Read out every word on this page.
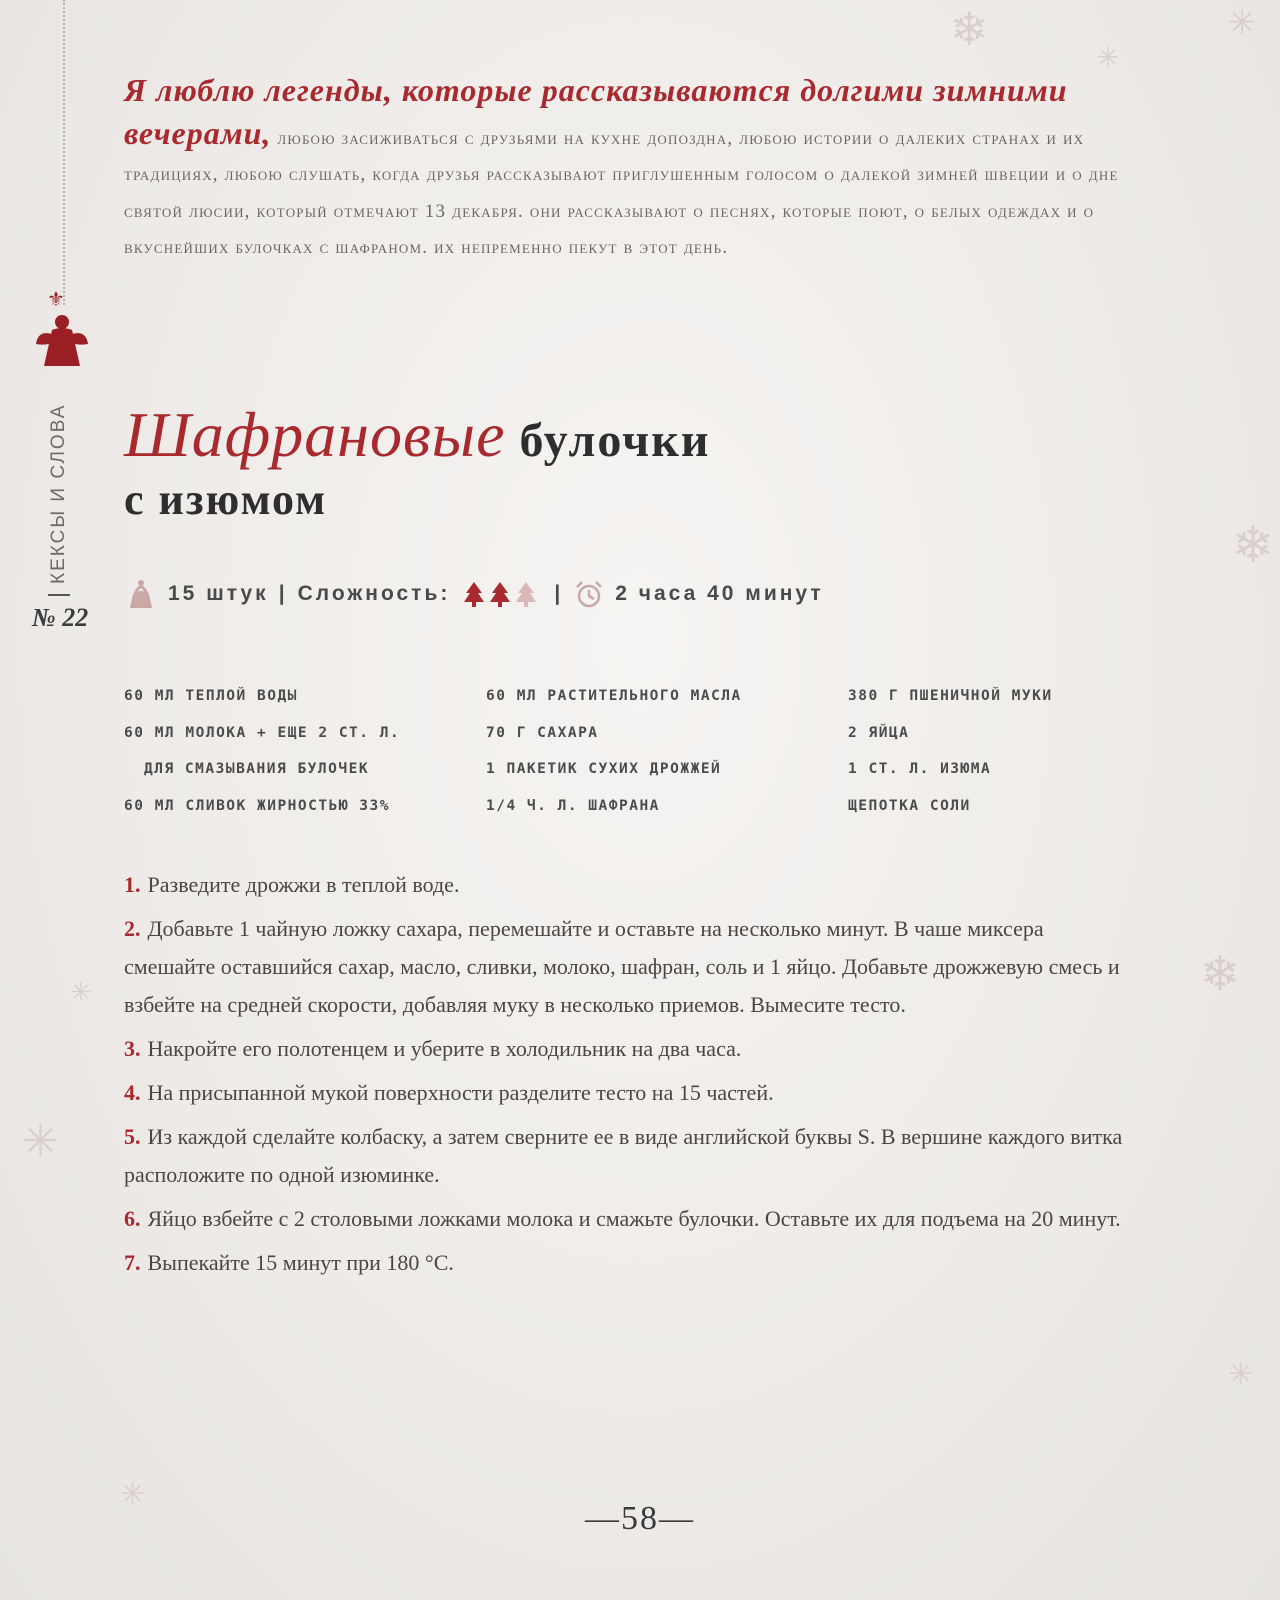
❄
✳
✳
❄
❄
✳
✳
✳
✳
⚜
КЕКСЫ И СЛОВА
№ 22
Я люблю легенды, которые рассказываются долгими зимними вечерами, любою засиживаться с друзьями на кухне допоздна, любою истории о далеких странах и их традициях, любою слушать, когда друзья рассказывают приглушенным голосом о далекой зимней швеции и о дне святой люсии, который отмечают 13 декабря. они рассказывают о песнях, которые поют, о белых одеждах и о вкуснейших булочках с шафраном. их непременно пекут в этот день.
Шафрановые булочки
с изюмом
15 штук | Сложность:	| 2 часа 40 минут
60 МЛ ТЕПЛОЙ ВОДЫ
60 МЛ МОЛОКА + ЕЩЕ 2 СТ. Л.
ДЛЯ СМАЗЫВАНИЯ БУЛОЧЕК
60 МЛ СЛИВОК ЖИРНОСТЬЮ 33%
60 МЛ РАСТИТЕЛЬНОГО МАСЛА
70 Г САХАРА
1 ПАКЕТИК СУХИХ ДРОЖЖЕЙ
1/4 Ч. Л. ШАФРАНА
380 Г ПШЕНИЧНОЙ МУКИ
2 ЯЙЦА
1 СТ. Л. ИЗЮМА
ЩЕПОТКА СОЛИ
1. Разведите дрожжи в теплой воде.
2. Добавьте 1 чайную ложку сахара, перемешайте и оставьте на несколько минут. В чаше миксера смешайте оставшийся сахар, масло, сливки, молоко, шафран, соль и 1 яйцо. Добавьте дрожжевую смесь и взбейте на средней скорости, добавляя муку в несколько приемов. Вымесите тесто.
3. Накройте его полотенцем и уберите в холодильник на два часа.
4. На присыпанной мукой поверхности разделите тесто на 15 частей.
5. Из каждой сделайте колбаску, а затем сверните ее в виде английской буквы S. В вершине каждого витка расположите по одной изюминке.
6. Яйцо взбейте с 2 столовыми ложками молока и смажьте булочки. Оставьте их для подъема на 20 минут.
7. Выпекайте 15 минут при 180 °С.
—58—
